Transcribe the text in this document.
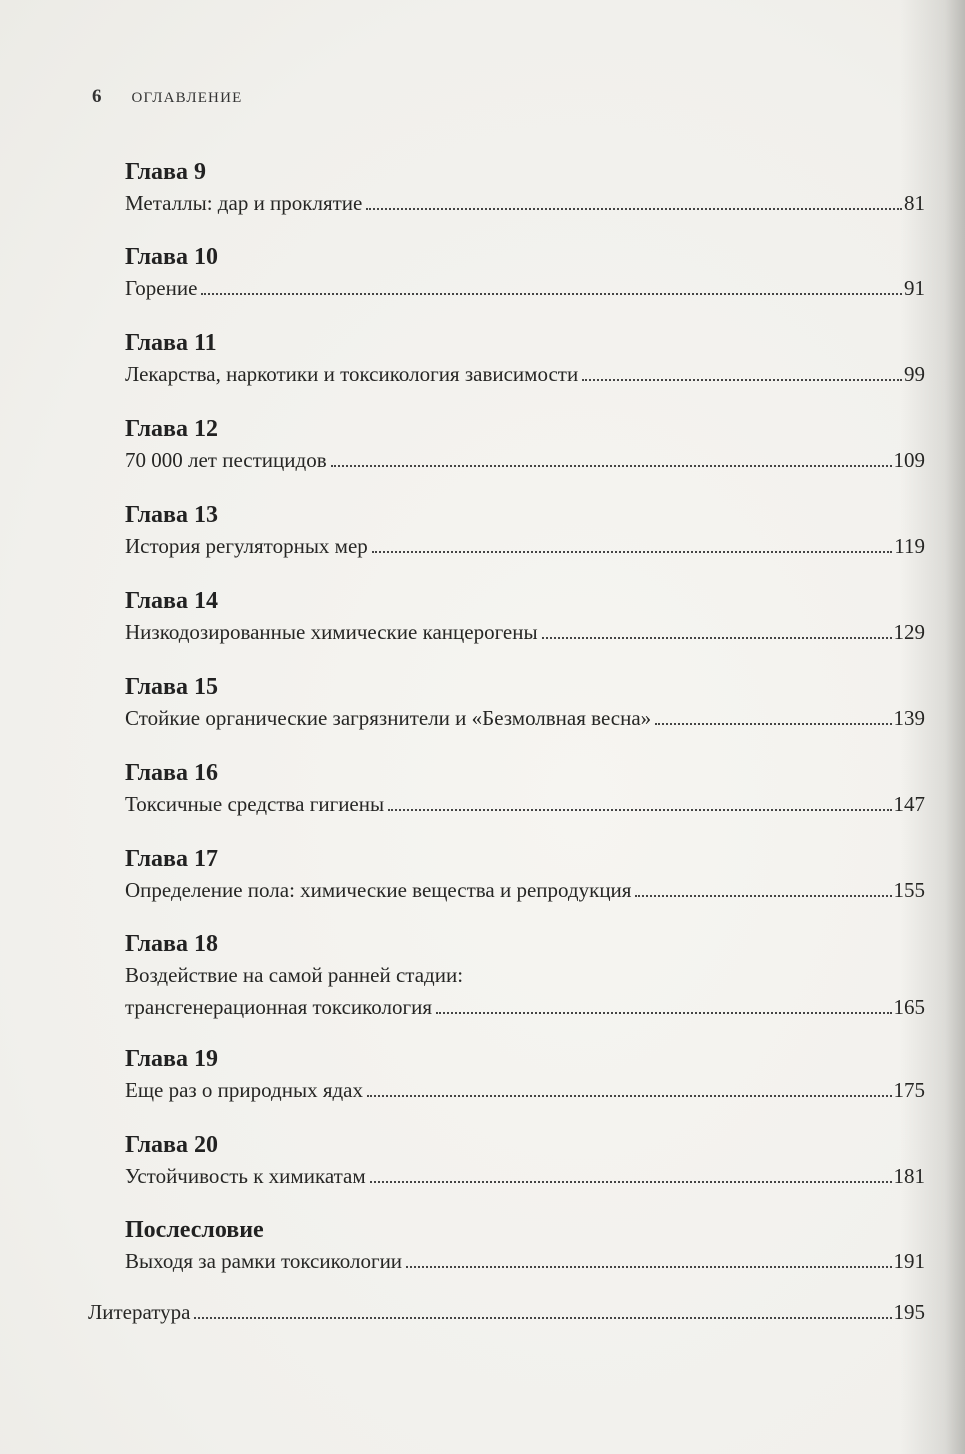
6 ОГЛАВЛЕНИЕ
Глава 9
Металлы: дар и проклятие	81
Глава 10
Горение	91
Глава 11
Лекарства, наркотики и токсикология зависимости	99
Глава 12
70 000 лет пестицидов	109
Глава 13
История регуляторных мер	119
Глава 14
Низкодозированные химические канцерогены	129
Глава 15
Стойкие органические загрязнители и «Безмолвная весна»	139
Глава 16
Токсичные средства гигиены	147
Глава 17
Определение пола: химические вещества и репродукция	155
Глава 18
Воздействие на самой ранней стадии:
трансгенерационная токсикология	165
Глава 19
Еще раз о природных ядах	175
Глава 20
Устойчивость к химикатам	181
Послесловие
Выходя за рамки токсикологии	191
Литература	195
